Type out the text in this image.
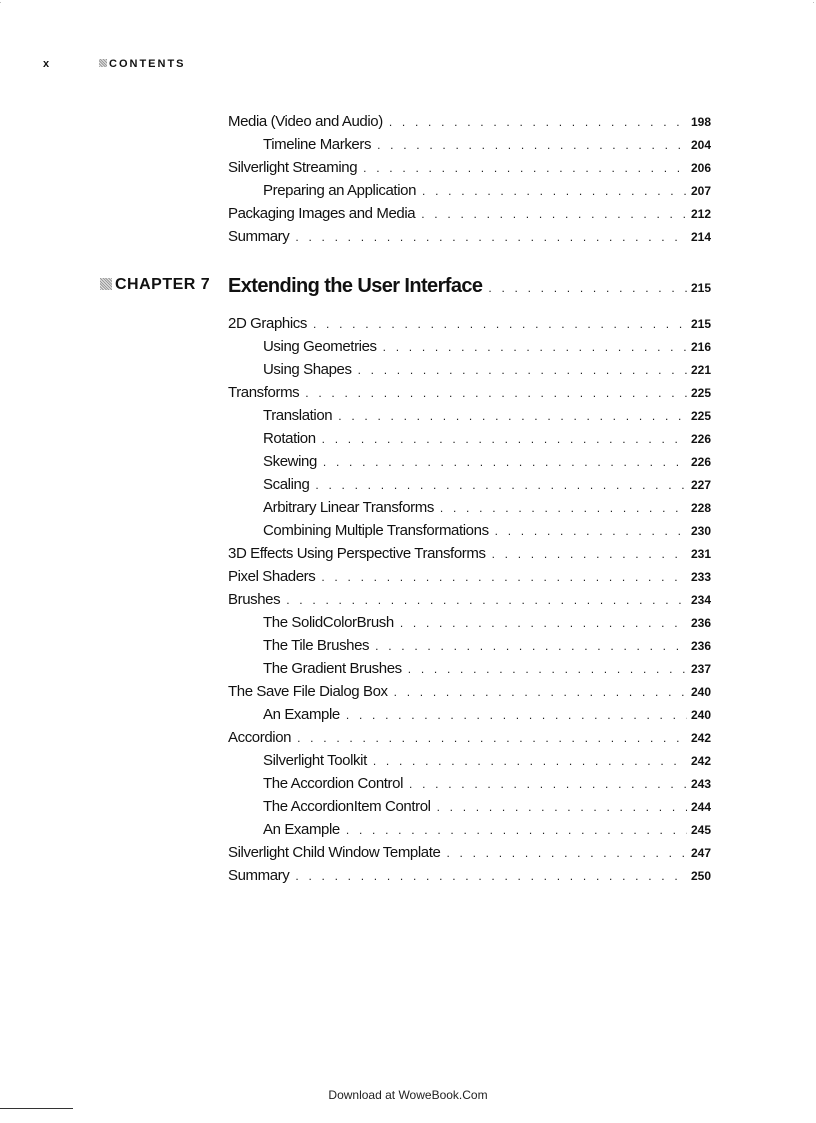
x	CONTENTS
Media (Video and Audio) . . .	198
Timeline Markers . . .	204
Silverlight Streaming . . .	206
Preparing an Application . . .	207
Packaging Images and Media . . .	212
Summary . . .	214
CHAPTER 7 Extending the User Interface . . .	215
2D Graphics . . .	215
Using Geometries . . .	216
Using Shapes . . .	221
Transforms . . .	225
Translation . . .	225
Rotation . . .	226
Skewing . . .	226
Scaling . . .	227
Arbitrary Linear Transforms . . .	228
Combining Multiple Transformations . . .	230
3D Effects Using Perspective Transforms . . .	231
Pixel Shaders . . .	233
Brushes . . .	234
The SolidColorBrush . . .	236
The Tile Brushes . . .	236
The Gradient Brushes . . .	237
The Save File Dialog Box . . .	240
An Example . . .	240
Accordion . . .	242
Silverlight Toolkit . . .	242
The Accordion Control . . .	243
The AccordionItem Control . . .	244
An Example . . .	245
Silverlight Child Window Template . . .	247
Summary . . .	250
Download at WoweBook.Com
